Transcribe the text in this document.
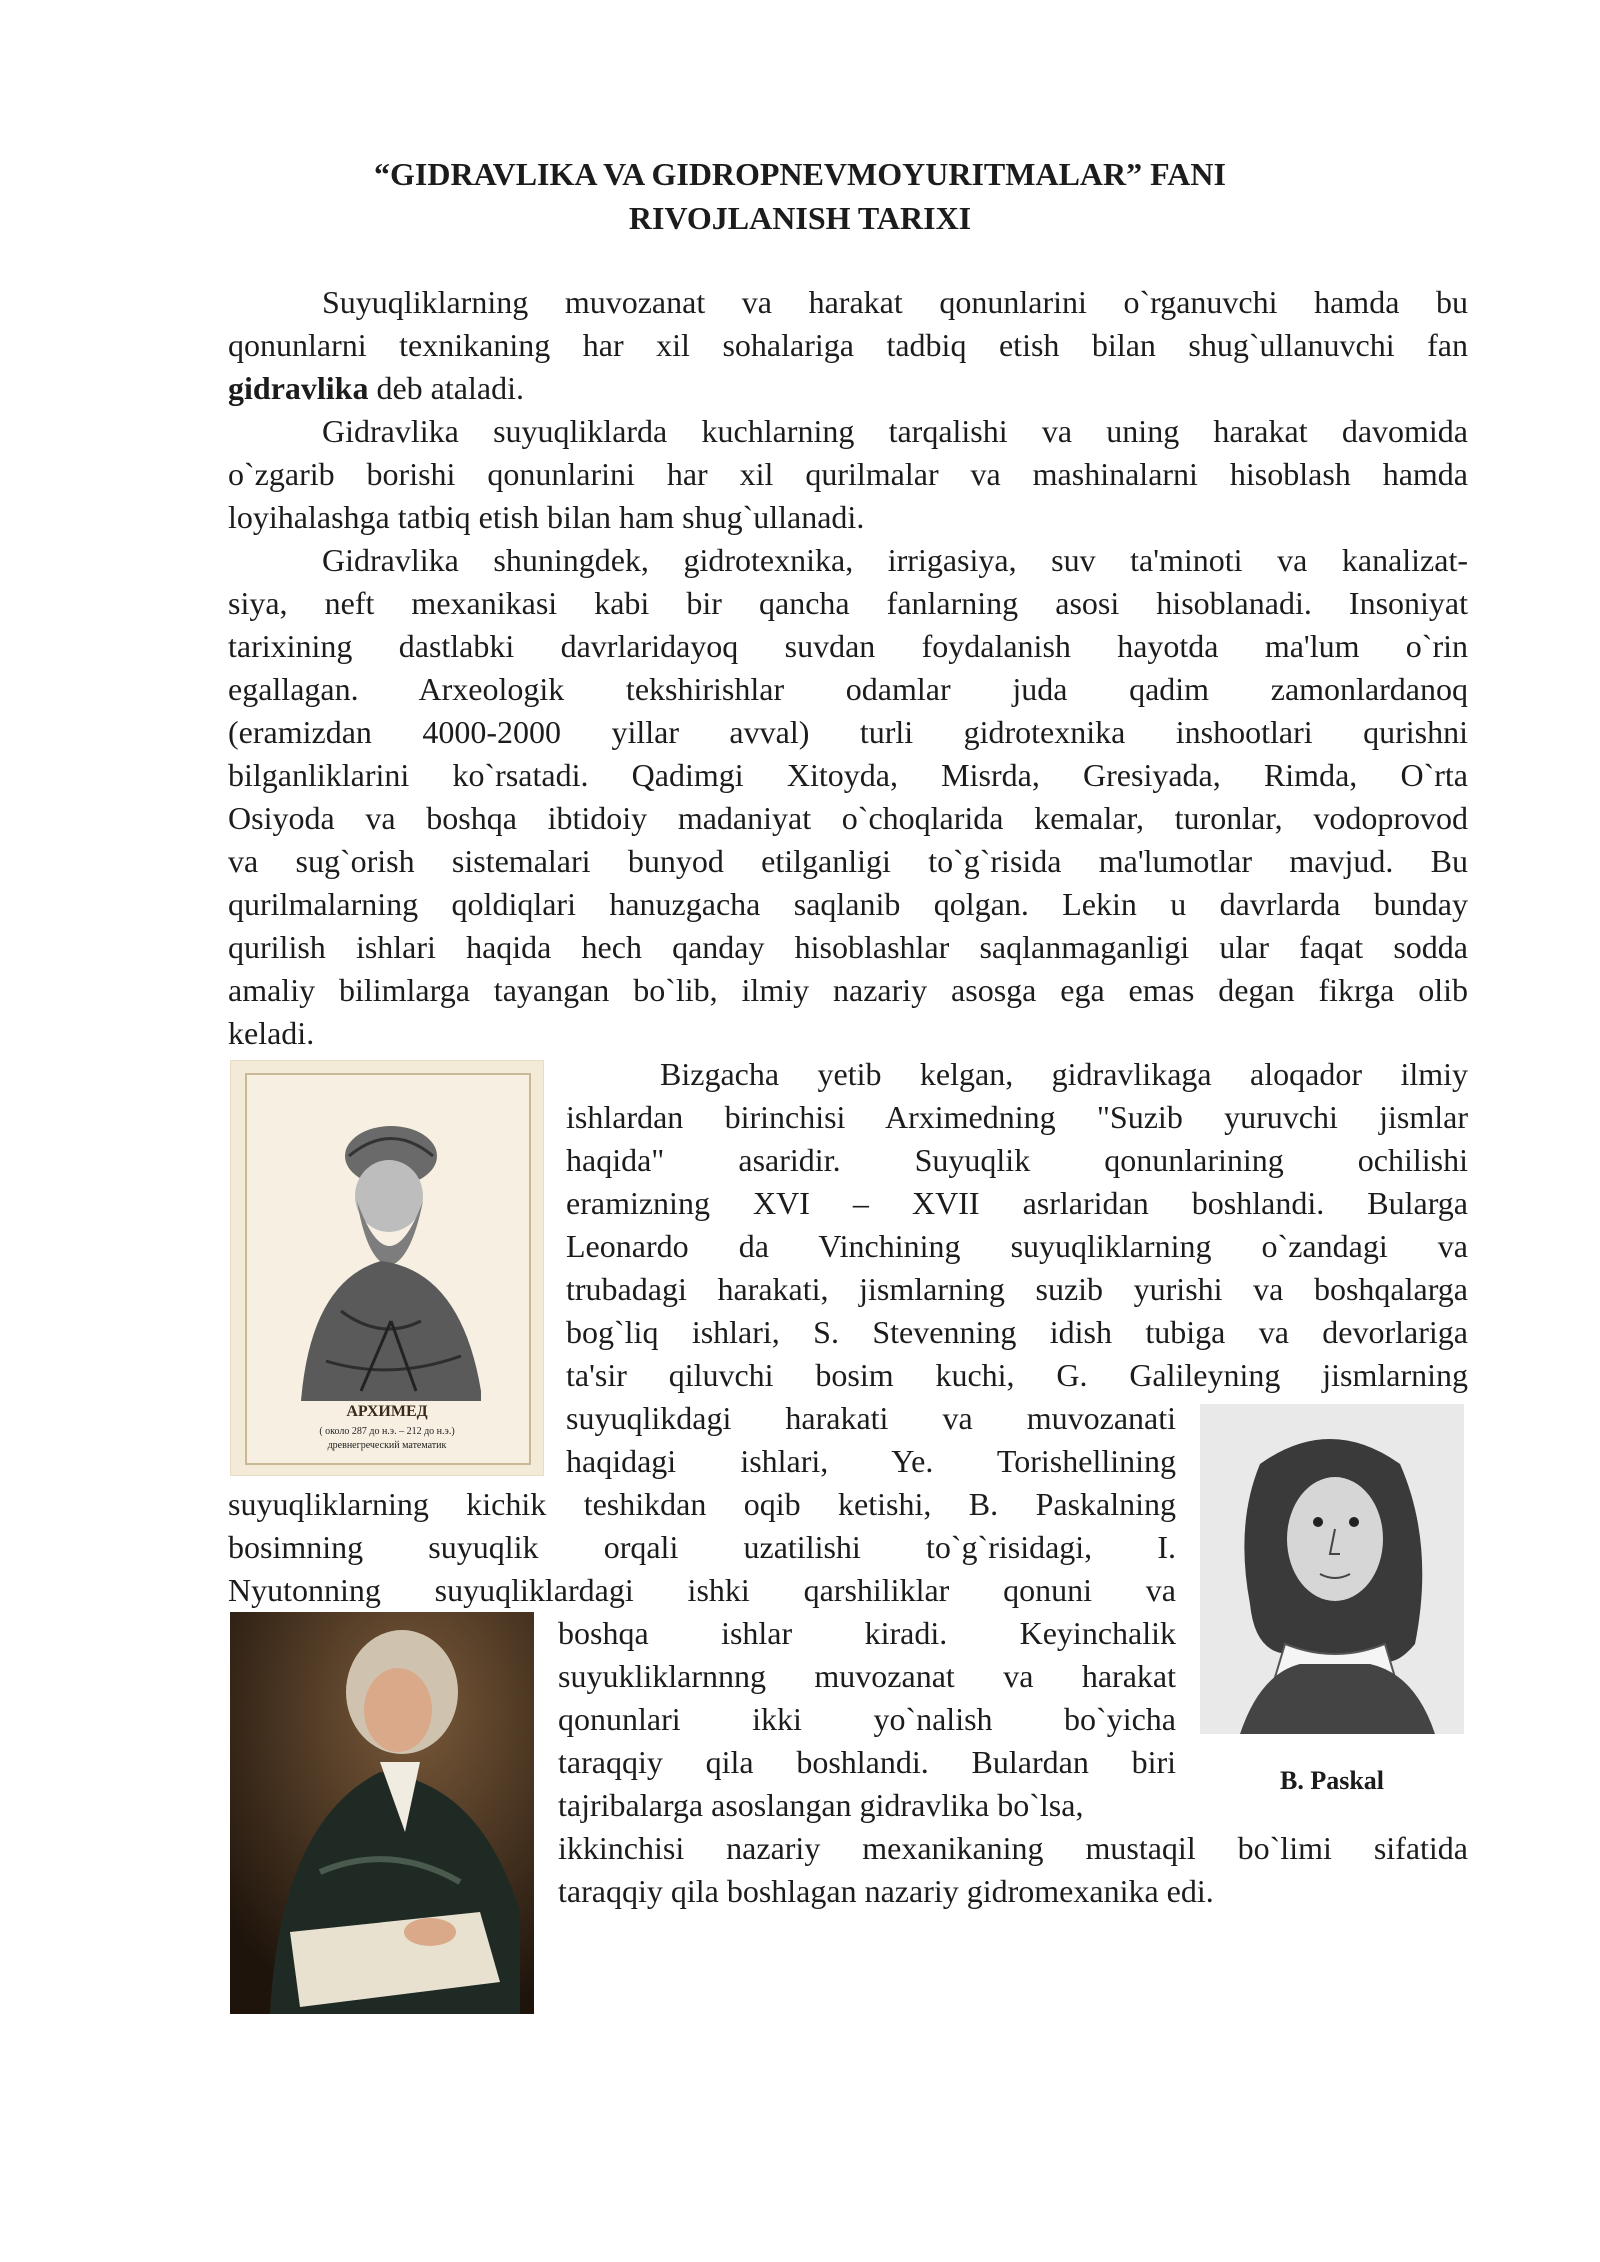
“GIDRAVLIKA VA GIDROPNEVMOYURITMALAR” FANI
RIVOJLANISH TARIXI
Suyuqliklarning muvozanat va harakat qonunlarini o`rganuvchi hamda bu
qonunlarni texnikaning har xil sohalariga tadbiq etish bilan shug`ullanuvchi fan
gidravlika deb ataladi.
Gidravlika suyuqliklarda kuchlarning tarqalishi va uning harakat davomida
o`zgarib borishi qonunlarini har xil qurilmalar va mashinalarni hisoblash hamda
loyihalashga tatbiq etish bilan ham shug`ullanadi.
Gidravlika shuningdek, gidrotexnika, irrigasiya, suv ta'minoti va kanalizat-
siya, neft mexanikasi kabi bir qancha fanlarning asosi hisoblanadi. Insoniyat
tarixining dastlabki davrlaridayoq suvdan foydalanish hayotda ma'lum o`rin
egallagan. Arxeologik tekshirishlar odamlar juda qadim zamonlardanoq
(eramizdan 4000-2000 yillar avval) turli gidrotexnika inshootlari qurishni
bilganliklarini ko`rsatadi. Qadimgi Xitoyda, Misrda, Gresiyada, Rimda, O`rta
Osiyoda va boshqa ibtidoiy madaniyat o`choqlarida kemalar, turonlar, vodoprovod
va sug`orish sistemalari bunyod etilganligi to`g`risida ma'lumotlar mavjud. Bu
qurilmalarning qoldiqlari hanuzgacha saqlanib qolgan. Lekin u davrlarda bunday
qurilish ishlari haqida hech qanday hisoblashlar saqlanmaganligi ular faqat sodda
amaliy bilimlarga tayangan bo`lib, ilmiy nazariy asosga ega emas degan fikrga olib
keladi.
АРХИМЕД
( около 287 до н.э. – 212 до н.э.)
древнегреческий математик
Bizgacha yetib kelgan, gidravlikaga aloqador ilmiy
ishlardan birinchisi Arximedning "Suzib yuruvchi jismlar
haqida" asaridir. Suyuqlik qonunlarining ochilishi
eramizning XVI – XVII asrlaridan boshlandi. Bularga
Leonardo da Vinchining suyuqliklarning o`zandagi va
trubadagi harakati, jismlarning suzib yurishi va boshqalarga
bog`liq ishlari, S. Stevenning idish tubiga va devorlariga
ta'sir qiluvchi bosim kuchi, G. Galileyning jismlarning
suyuqlikdagi harakati va muvozanati
haqidagi ishlari, Ye. Torishellining
B. Paskal
suyuqliklarning kichik teshikdan oqib ketishi, B. Paskalning
bosimning suyuqlik orqali uzatilishi to`g`risidagi, I.
Nyutonning suyuqliklardagi ishki qarshiliklar qonuni va
boshqa ishlar kiradi. Keyinchalik
suyukliklarnnng muvozanat va harakat
qonunlari ikki yo`nalish bo`yicha
taraqqiy qila boshlandi. Bulardan biri
tajribalarga asoslangan gidravlika bo`lsa,
ikkinchisi nazariy mexanikaning mustaqil bo`limi sifatida
taraqqiy qila boshlagan nazariy gidromexanika edi.
